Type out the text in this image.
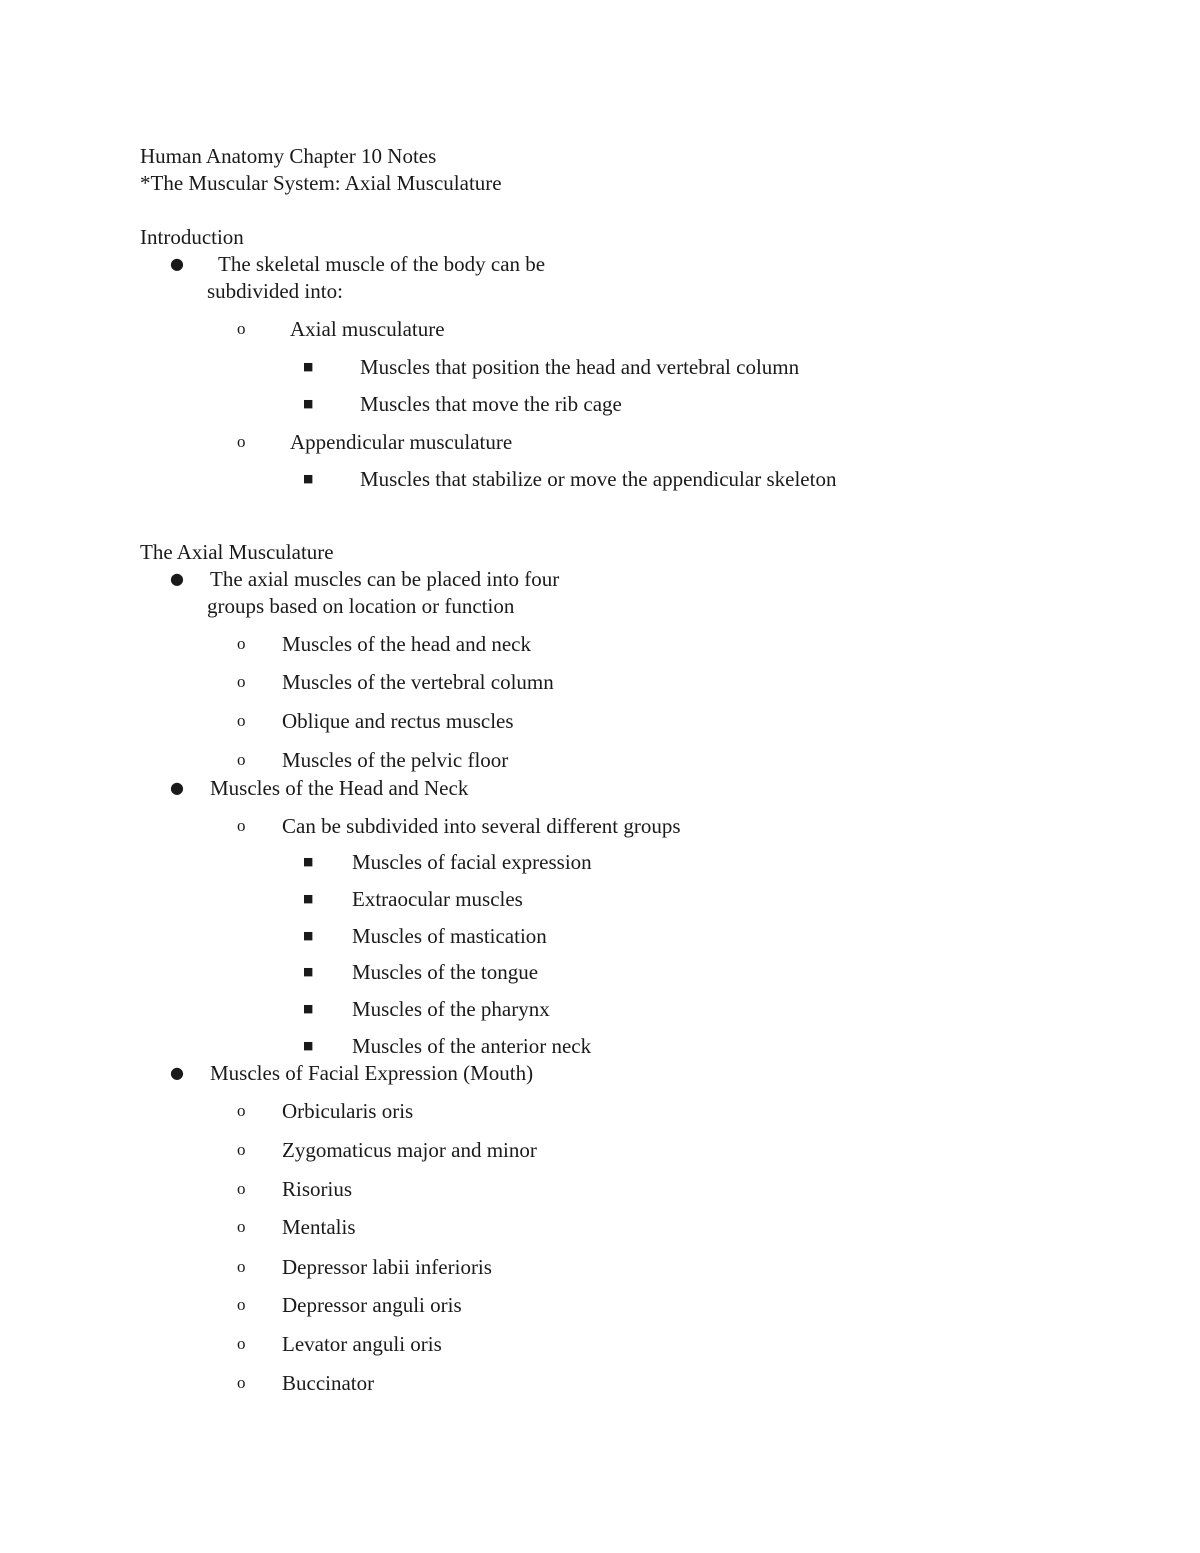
Human Anatomy Chapter 10 Notes
*The Muscular System: Axial Musculature
Introduction
● The skeletal muscle of the body can be
subdivided into:
o Axial musculature
■ Muscles that position the head and vertebral column
■ Muscles that move the rib cage
o Appendicular musculature
■ Muscles that stabilize or move the appendicular skeleton
The Axial Musculature
● The axial muscles can be placed into four
groups based on location or function
o Muscles of the head and neck
o Muscles of the vertebral column
o Oblique and rectus muscles
o Muscles of the pelvic floor
● Muscles of the Head and Neck
o Can be subdivided into several different groups
■ Muscles of facial expression
■ Extraocular muscles
■ Muscles of mastication
■ Muscles of the tongue
■ Muscles of the pharynx
■ Muscles of the anterior neck
● Muscles of Facial Expression (Mouth)
o Orbicularis oris
o Zygomaticus major and minor
o Risorius
o Mentalis
o Depressor labii inferioris
o Depressor anguli oris
o Levator anguli oris
o Buccinator
